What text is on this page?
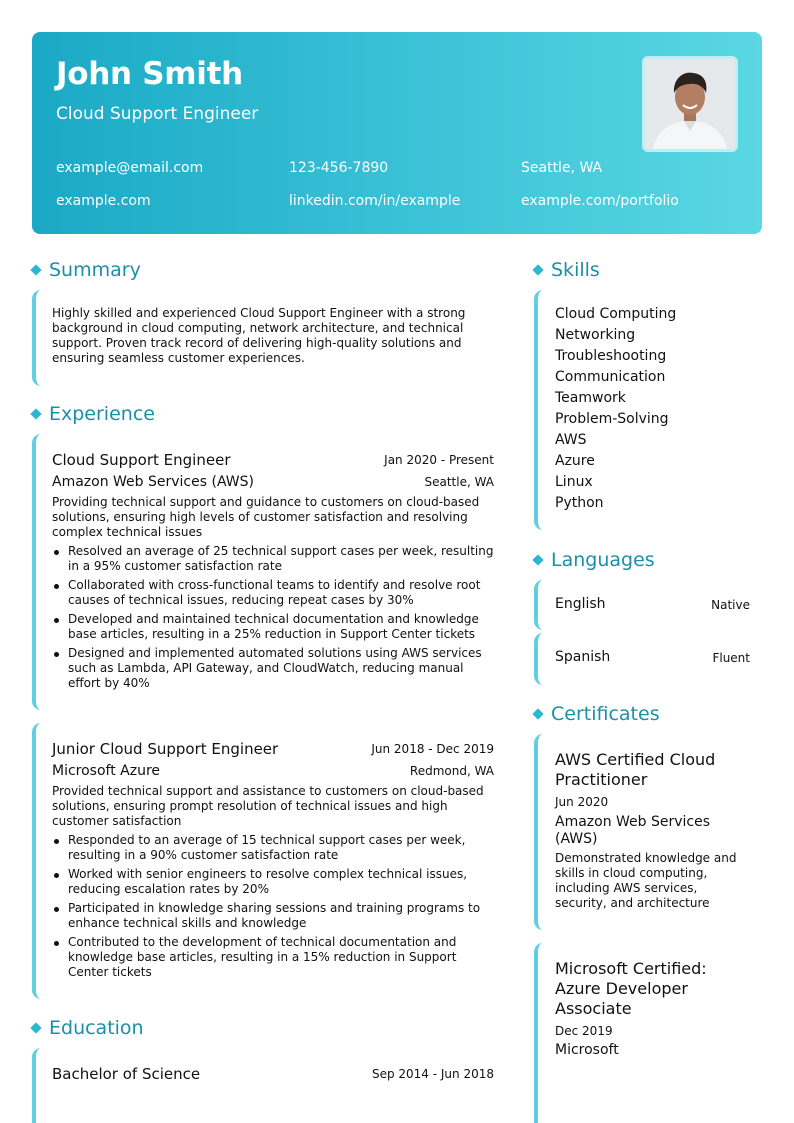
John Smith
Cloud Support Engineer
example@email.com	123-456-7890	Seattle, WA
example.com	linkedin.com/in/example	example.com/portfolio
Summary
Highly skilled and experienced Cloud Support Engineer with a strong background in cloud computing, network architecture, and technical support. Proven track record of delivering high-quality solutions and ensuring seamless customer experiences.
Experience
Cloud Support Engineer	Jan 2020 - Present
Amazon Web Services (AWS)	Seattle, WA
Providing technical support and guidance to customers on cloud-based solutions, ensuring high levels of customer satisfaction and resolving complex technical issues
Resolved an average of 25 technical support cases per week, resulting in a 95% customer satisfaction rate
Collaborated with cross-functional teams to identify and resolve root causes of technical issues, reducing repeat cases by 30%
Developed and maintained technical documentation and knowledge base articles, resulting in a 25% reduction in Support Center tickets
Designed and implemented automated solutions using AWS services such as Lambda, API Gateway, and CloudWatch, reducing manual effort by 40%
Junior Cloud Support Engineer	Jun 2018 - Dec 2019
Microsoft Azure	Redmond, WA
Provided technical support and assistance to customers on cloud-based solutions, ensuring prompt resolution of technical issues and high customer satisfaction
Responded to an average of 15 technical support cases per week, resulting in a 90% customer satisfaction rate
Worked with senior engineers to resolve complex technical issues, reducing escalation rates by 20%
Participated in knowledge sharing sessions and training programs to enhance technical skills and knowledge
Contributed to the development of technical documentation and knowledge base articles, resulting in a 15% reduction in Support Center tickets
Education
Bachelor of Science	Sep 2014 - Jun 2018
Skills
Cloud Computing
Networking
Troubleshooting
Communication
Teamwork
Problem-Solving
AWS
Azure
Linux
Python
Languages
English	Native
Spanish	Fluent
Certificates
AWS Certified Cloud Practitioner
Jun 2020
Amazon Web Services (AWS)
Demonstrated knowledge and skills in cloud computing, including AWS services, security, and architecture
Microsoft Certified: Azure Developer Associate
Dec 2019
Microsoft
